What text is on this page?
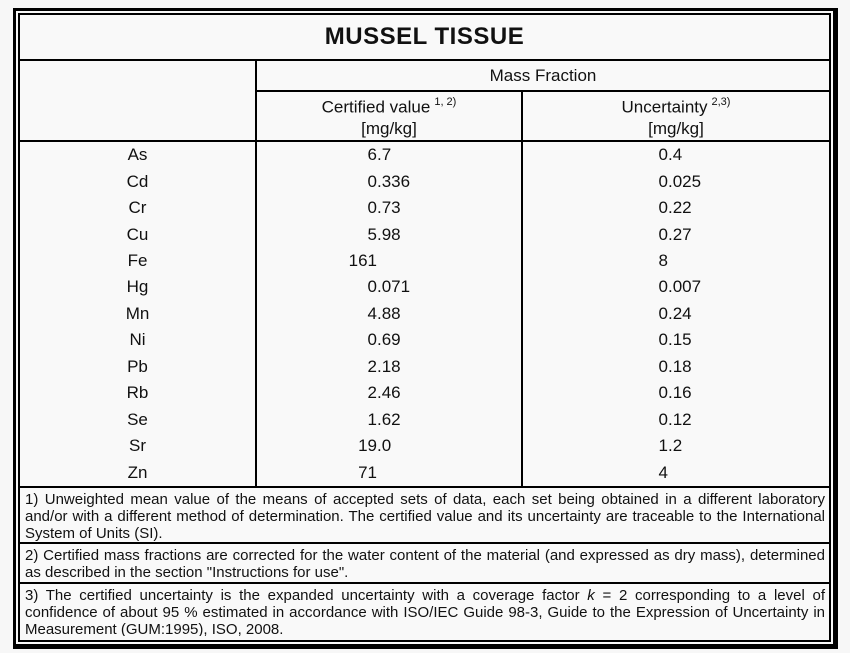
MUSSEL TISSUE
Mass Fraction
Certified value $^{1, 2)}$
[mg/kg]
Uncertainty $^{2,3)}$
[mg/kg]
As	6 .7	0 .4
Cd	0 .336	0 .025
Cr	0 .73	0 .22
Cu	5 .98	0 .27
Fe	161	8
Hg	0 .071	0 .007
Mn	4 .88	0 .24
Ni	0 .69	0 .15
Pb	2 .18	0 .18
Rb	2 .46	0 .16
Se	1 .62	0 .12
Sr	19 .0	1 .2
Zn	71	4
1) Unweighted mean value of the means of accepted sets of data, each set being obtained in a different laboratory and/or with a different method of determination. The certified value and its uncertainty are traceable to the International System of Units (SI).
2) Certified mass fractions are corrected for the water content of the material (and expressed as dry mass), determined as described in the section "Instructions for use".
3) The certified uncertainty is the expanded uncertainty with a coverage factor k = 2 corresponding to a level of confidence of about 95 % estimated in accordance with ISO/IEC Guide 98-3, Guide to the Expression of Uncertainty in Measurement (GUM:1995), ISO, 2008.
